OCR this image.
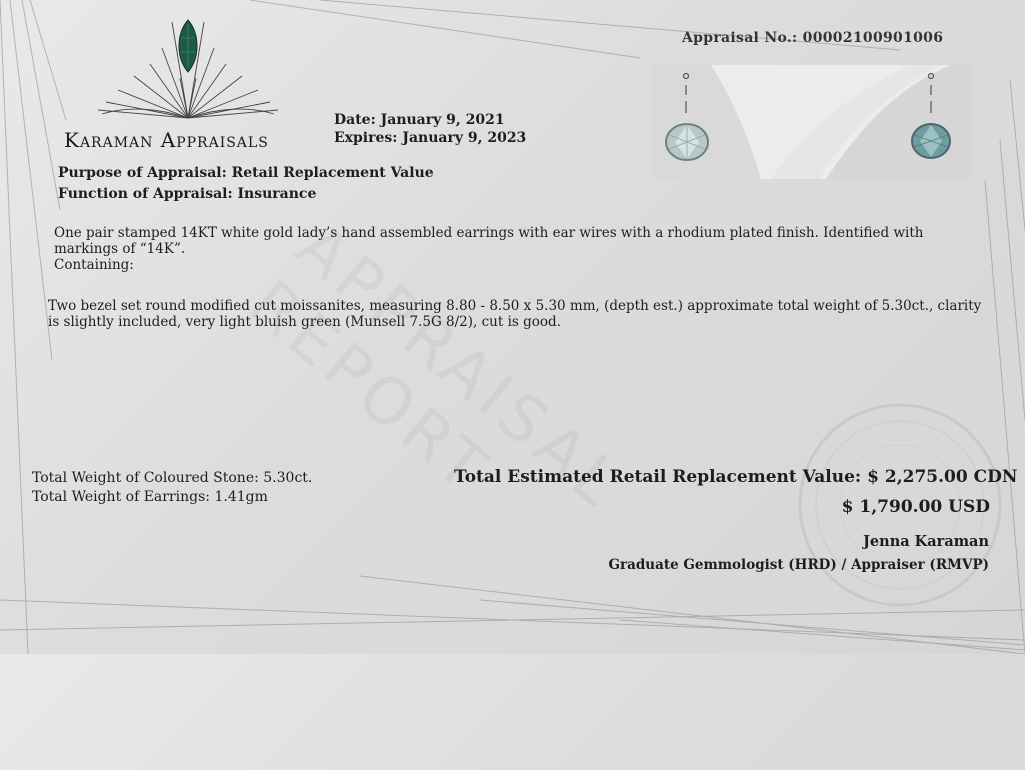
Karaman Appraisals
Appraisal No.: 00002100901006
Date: January 9, 2021
Expires: January 9, 2023
Purpose of Appraisal: Retail Replacement Value
Function of Appraisal: Insurance
One pair stamped 14KT white gold lady’s hand assembled earrings with ear wires with a rhodium plated finish. Identified with markings of “14K”.
Containing:
Two bezel set round modified cut moissanites, measuring 8.80 - 8.50 x 5.30 mm, (depth est.) approximate total weight of 5.30ct., clarity is slightly included, very light bluish green (Munsell 7.5G 8/2), cut is good.
Total Weight of Coloured Stone: 5.30ct.
Total Weight of Earrings: 1.41gm
Total Estimated Retail Replacement Value: $ 2,275.00 CDN
$ 1,790.00 USD
Jenna Karaman
Graduate Gemmologist (HRD) / Appraiser (RMVP)
